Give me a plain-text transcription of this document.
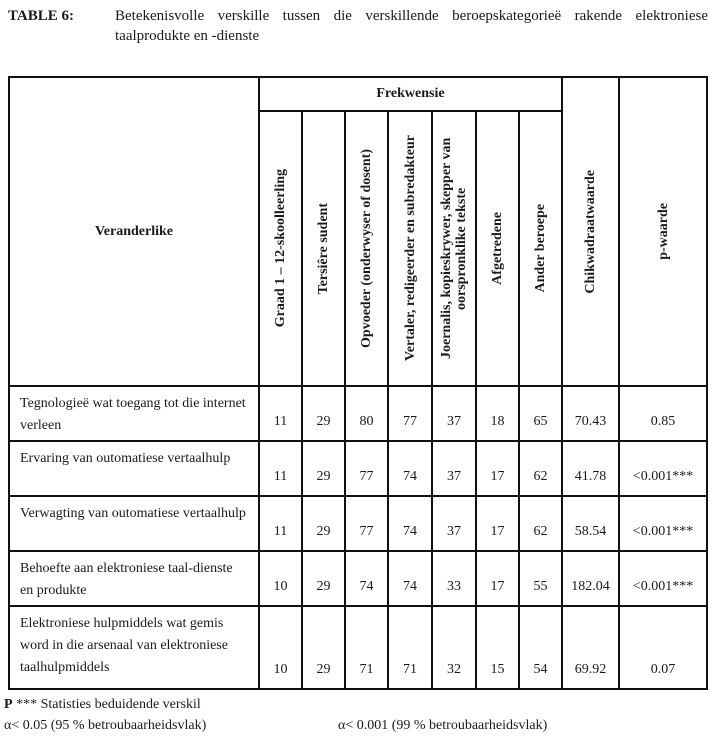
TABLE 6:	Betekenisvolle verskille tussen die verskillende beroepskategorieë rakende elektroniese taalprodukte en -dienste
Veranderlike	Frekwensie							Chikwadraatwaarde	p-waarde

	Graad 1 – 12-skoolleerling	Tersiêre sudent	Opvoeder (onderwyser of dosent)	Vertaler, redigeerder en subredakteur	Joernalis, kopieskrywer, skepper van oorspronklike tekste	Afgetredene	Ander beroepe		

Tegnologieë wat toegang tot die internet verleen	11	29	80	77	37	18	65	70.43	0.85
Ervaring van outomatiese vertaalhulp	11	29	77	74	37	17	62	41.78	<0.001***
Verwagting van outomatiese vertaalhulp	11	29	77	74	37	17	62	58.54	<0.001***
Behoefte aan elektroniese taal-dienste en produkte	10	29	74	74	33	17	55	182.04	<0.001***
Elektroniese hulpmiddels wat gemis word in die arsenaal van elektroniese taalhulpmiddels	10	29	71	71	32	15	54	69.92	0.07
P *** Statisties beduidende verskil
α< 0.05 (95 % betroubaarheidsvlak)	α< 0.001 (99 % betroubaarheidsvlak)
